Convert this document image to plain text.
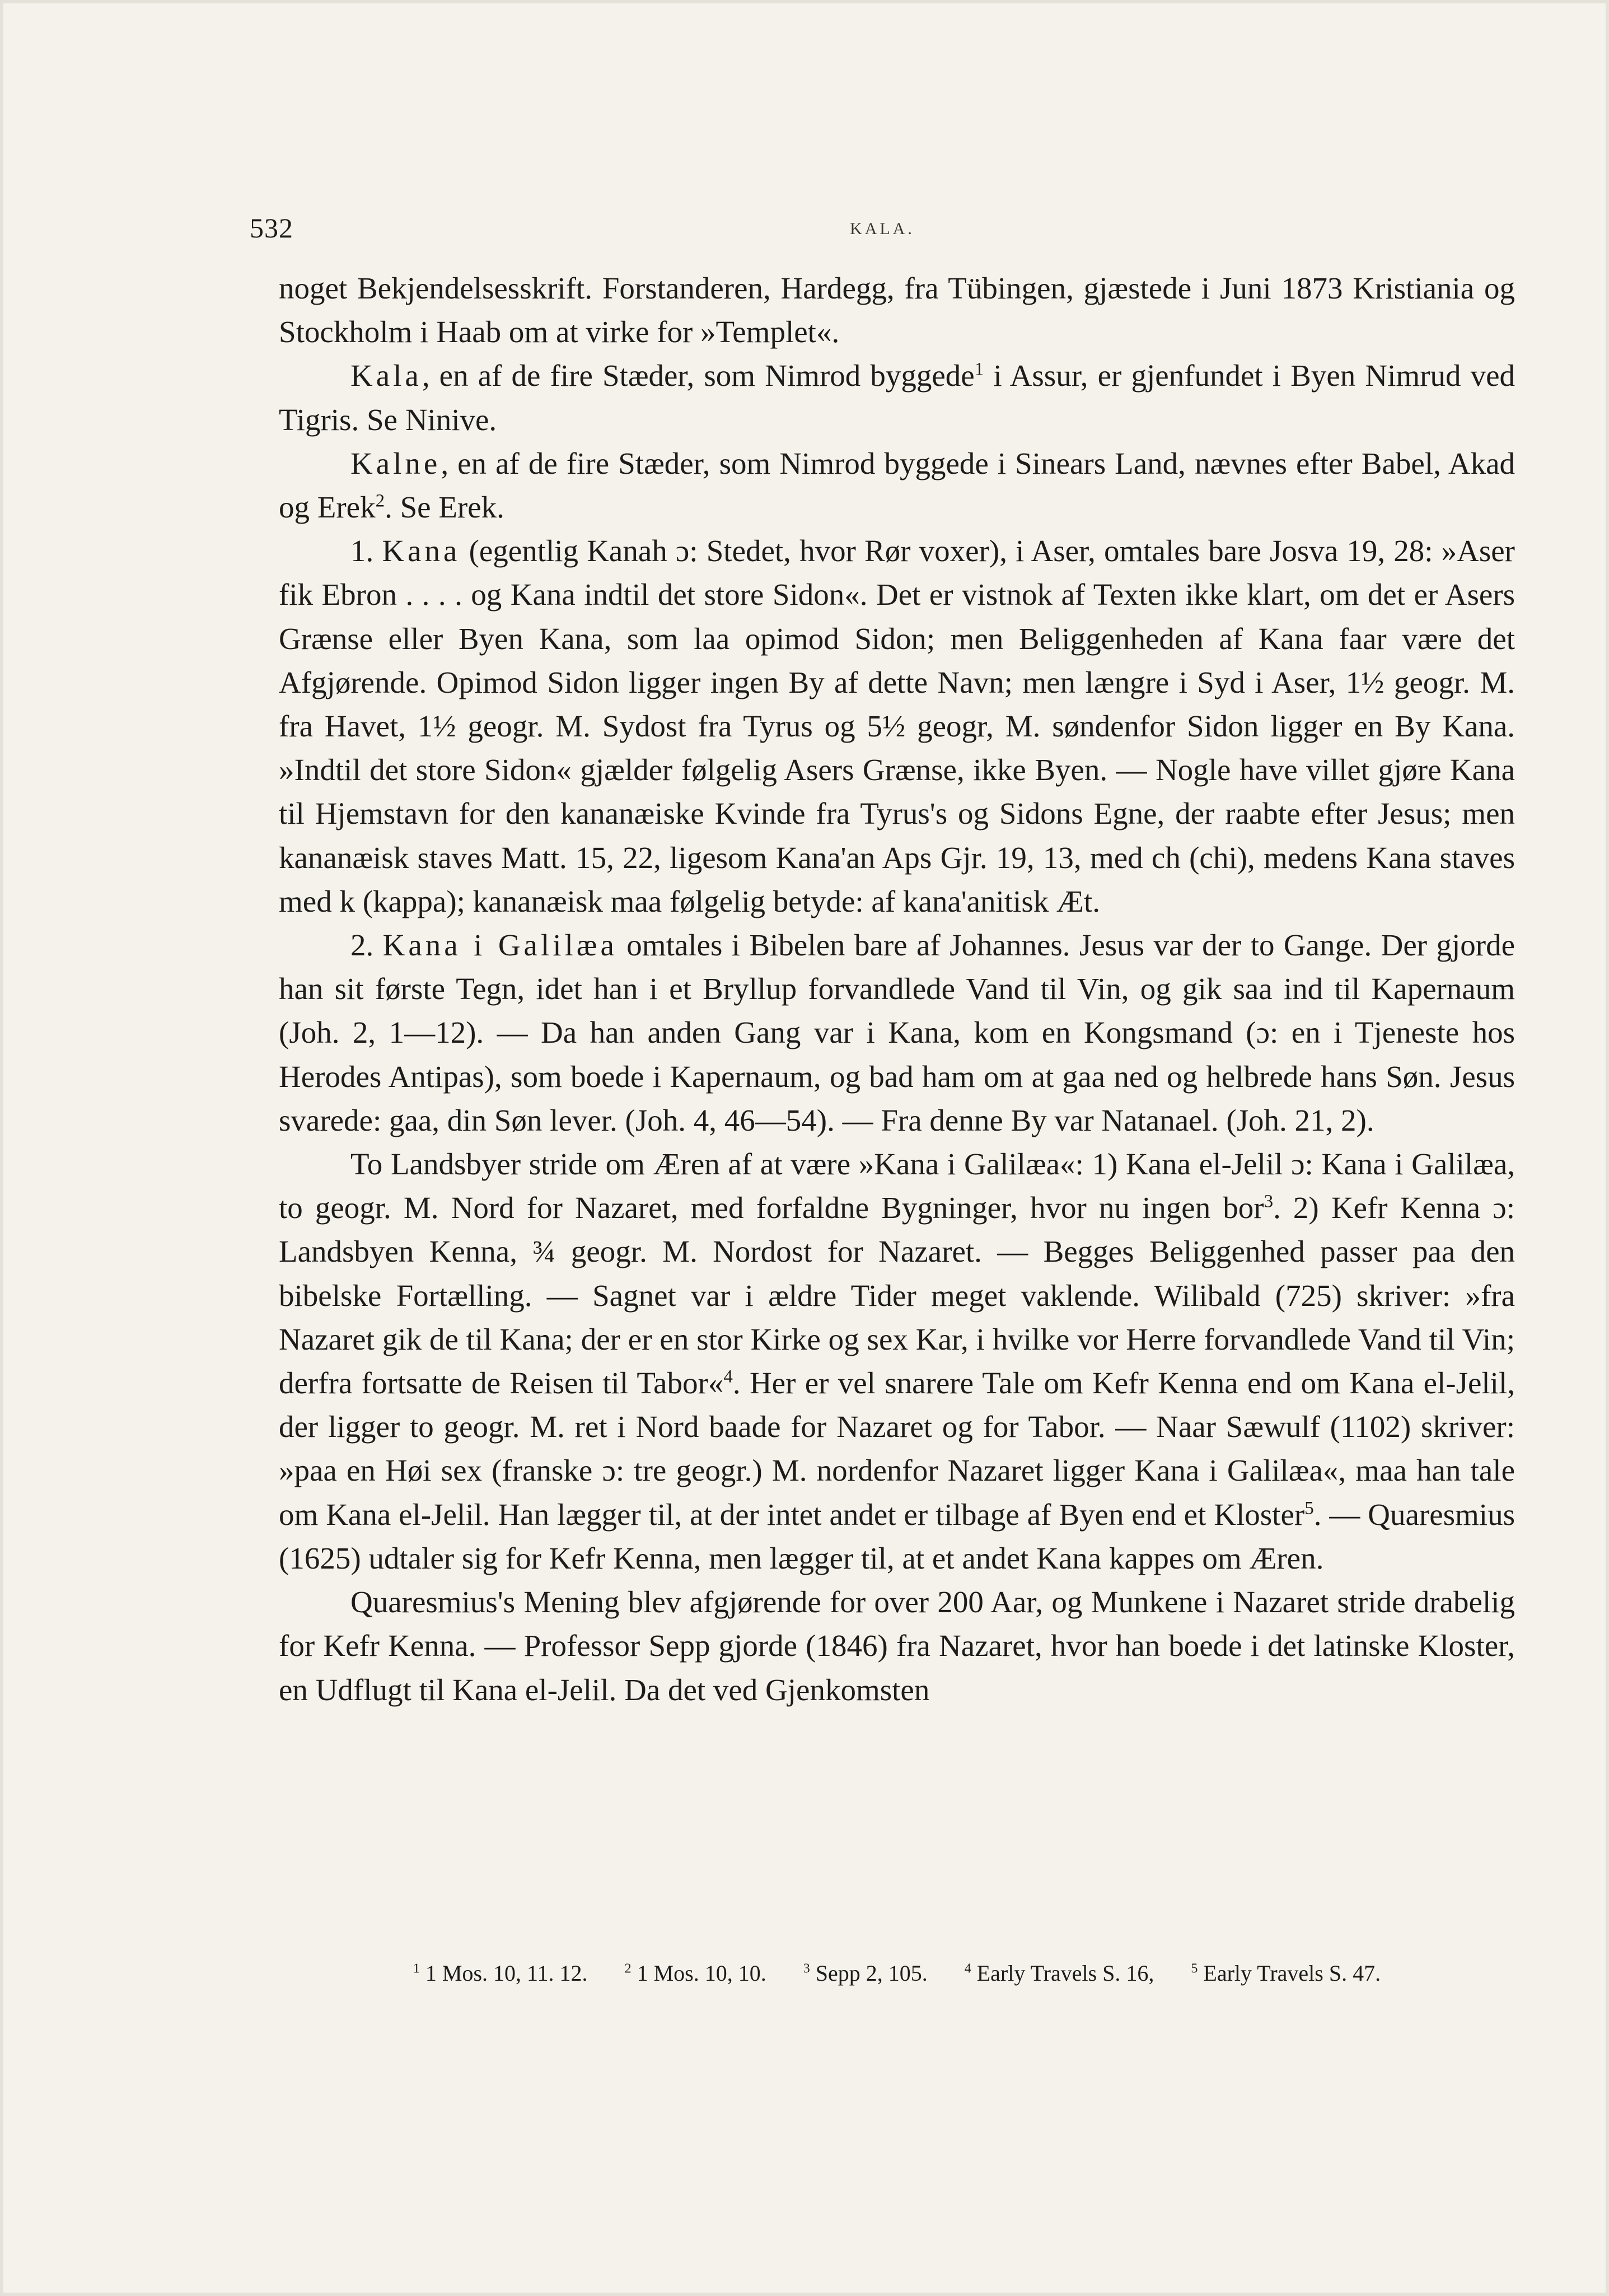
532	KALA.

noget Bekjendelsesskrift. Forstanderen, Hardegg, fra Tübingen, gjæstede i Juni 1873 Kristiania og Stockholm i Haab om at virke for »Templet«.

Kala, en af de fire Stæder, som Nimrod byggede$^1$ i Assur, er gjenfundet i Byen Nimrud ved Tigris. Se Ninive.

Kalne, en af de fire Stæder, som Nimrod byggede i Sinears Land, nævnes efter Babel, Akad og Erek$^2$. Se Erek.

1. Kana (egentlig Kanah ɔ: Stedet, hvor Rør voxer), i Aser, omtales bare Josva 19, 28: »Aser fik Ebron . . . . og Kana indtil det store Sidon«. Det er vistnok af Texten ikke klart, om det er Asers Grænse eller Byen Kana, som laa opimod Sidon; men Beliggenheden af Kana faar være det Afgjørende. Opimod Sidon ligger ingen By af dette Navn; men længre i Syd i Aser, 1½ geogr. M. fra Havet, 1½ geogr. M. Sydost fra Tyrus og 5½ geogr, M. søndenfor Sidon ligger en By Kana. »Indtil det store Sidon« gjælder følgelig Asers Grænse, ikke Byen. — Nogle have villet gjøre Kana til Hjemstavn for den kananæiske Kvinde fra Tyrus's og Sidons Egne, der raabte efter Jesus; men kananæisk staves Matt. 15, 22, ligesom Kana'an Aps Gjr. 19, 13, med ch (chi), medens Kana staves med k (kappa); kananæisk maa følgelig betyde: af kana'anitisk Æt.

2. Kana i Galilæa omtales i Bibelen bare af Johannes. Jesus var der to Gange. Der gjorde han sit første Tegn, idet han i et Bryllup forvandlede Vand til Vin, og gik saa ind til Kapernaum (Joh. 2, 1—12). — Da han anden Gang var i Kana, kom en Kongsmand (ɔ: en i Tjeneste hos Herodes Antipas), som boede i Kapernaum, og bad ham om at gaa ned og helbrede hans Søn. Jesus svarede: gaa, din Søn lever. (Joh. 4, 46—54). — Fra denne By var Natanael. (Joh. 21, 2).

To Landsbyer stride om Æren af at være »Kana i Galilæa«: 1) Kana el-Jelil ɔ: Kana i Galilæa, to geogr. M. Nord for Nazaret, med forfaldne Bygninger, hvor nu ingen bor$^3$. 2) Kefr Kenna ɔ: Landsbyen Kenna, ¾ geogr. M. Nordost for Nazaret. — Begges Beliggenhed passer paa den bibelske Fortælling. — Sagnet var i ældre Tider meget vaklende. Wilibald (725) skriver: »fra Nazaret gik de til Kana; der er en stor Kirke og sex Kar, i hvilke vor Herre forvandlede Vand til Vin; derfra fortsatte de Reisen til Tabor«$^4$. Her er vel snarere Tale om Kefr Kenna end om Kana el-Jelil, der ligger to geogr. M. ret i Nord baade for Nazaret og for Tabor. — Naar Sæwulf (1102) skriver: »paa en Høi sex (franske ɔ: tre geogr.) M. nordenfor Nazaret ligger Kana i Galilæa«, maa han tale om Kana el-Jelil. Han lægger til, at der intet andet er tilbage af Byen end et Kloster$^5$. — Quaresmius (1625) udtaler sig for Kefr Kenna, men lægger til, at et andet Kana kappes om Æren.

Quaresmius's Mening blev afgjørende for over 200 Aar, og Munkene i Nazaret stride drabelig for Kefr Kenna. — Professor Sepp gjorde (1846) fra Nazaret, hvor han boede i det latinske Kloster, en Udflugt til Kana el-Jelil. Da det ved Gjenkomsten

$^1$ 1 Mos. 10, 11. 12.	$^2$ 1 Mos. 10, 10.	$^3$ Sepp 2, 105.	$^4$ Early Travels S. 16,	$^5$ Early Travels S. 47.
